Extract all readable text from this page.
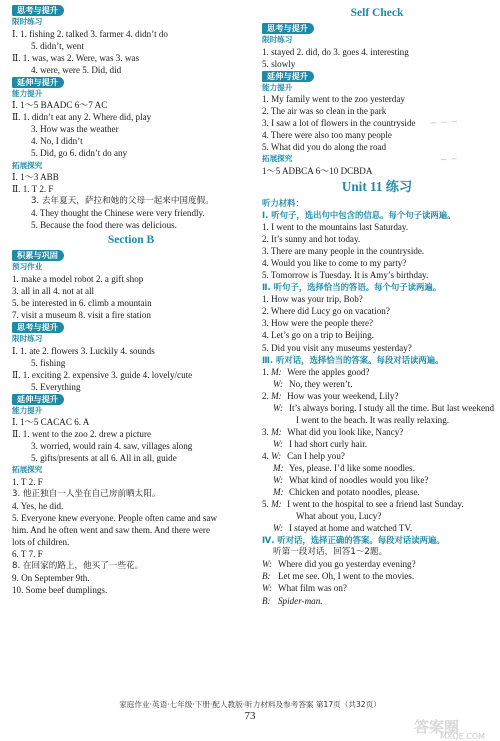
思考与提升
限时练习
Ⅰ. 1. fishing 2. talked 3. farmer 4. didn’t do
5. didn’t, went
Ⅱ. 1. was, was 2. Were, was 3. was
4. were, were 5. Did, did
延伸与提升
能力提升
Ⅰ. 1～5 BAADC 6～7 AC
Ⅱ. 1. didn’t eat any 2. Where did, play
3. How was the weather
4. No, I didn’t
5. Did, go 6. didn’t do any
拓展探究
Ⅰ. 1～3 ABB
Ⅱ. 1. T 2. F
3. 去年夏天，萨拉和她的父母一起来中国度假。
4. They thought the Chinese were very friendly.
5. Because the food there was delicious.
Section B
积累与巩固
预习作业
1. make a model robot 2. a gift shop
3. all in all 4. not at all
5. be interested in 6. climb a mountain
7. visit a museum 8. visit a fire station
思考与提升
限时练习
Ⅰ. 1. ate 2. flowers 3. Luckily 4. sounds
5. fishing
Ⅱ. 1. exciting 2. expensive 3. guide 4. lovely/cute
5. Everything
延伸与提升
能力提升
Ⅰ. 1～5 CACAC 6. A
Ⅱ. 1. went to the zoo 2. drew a picture
3. worried, would rain 4. saw, villages along
5. gifts/presents at all 6. All in all, guide
拓展探究
1. T 2. F
3. 他正独自一人坐在自己房前晒太阳。
4. Yes, he did.
5. Everyone knew everyone. People often came and saw
him. And he often went and saw them. And there were
lots of children.
6. T 7. F
8. 在回家的路上，他买了一些花。
9. On September 9th.
10. Some beef dumplings.
Self Check
思考与提升
限时练习
1. stayed 2. did, do 3. goes 4. interesting
5. slowly
延伸与提升
能力提升
1. My family went to the zoo yesterday
2. The air was so clean in the park
3. I saw a lot of flowers in the countryside
4. There were also too many people
5. What did you do along the road
拓展探究
1～5 ADBCA 6～10 DCBDA
Unit 11 练习
听力材料：
Ⅰ. 听句子，选出句中包含的信息。每个句子读两遍。
1. I went to the mountains last Saturday.
2. It’s sunny and hot today.
3. There are many people in the countryside.
4. Would you like to come to my party?
5. Tomorrow is Tuesday. It is Amy’s birthday.
Ⅱ. 听句子，选择恰当的答语。每个句子读两遍。
1. How was your trip, Bob?
2. Where did Lucy go on vacation?
3. How were the people there?
4. Let’s go on a trip to Beijing.
5. Did you visit any museums yesterday?
Ⅲ. 听对话，选择恰当的答案。每段对话读两遍。
1. M: Were the apples good?
W: No, they weren’t.
2. M: How was your weekend, Lily?
W: It’s always boring. I study all the time. But last weekend
I went to the beach. It was really relaxing.
3. M: What did you look like, Nancy?
W: I had short curly hair.
4. W: Can I help you?
M: Yes, please. I’d like some noodles.
W: What kind of noodles would you like?
M: Chicken and potato noodles, please.
5. M: I went to the hospital to see a friend last Sunday.
What about you, Lucy?
W: I stayed at home and watched TV.
Ⅳ. 听对话，选择正确的答案。每段对话读两遍。
听第一段对话，回答1～2题。
W: Where did you go yesterday evening?
B: Let me see. Oh, I went to the movies.
W: What film was on?
B: Spider-man.
~ ~ ~
~ ~
家庭作业·英语·七年级·下册·配人教版·听力材料及参考答案 第17页（共32页）
73
答案圈
MXQE.COM
